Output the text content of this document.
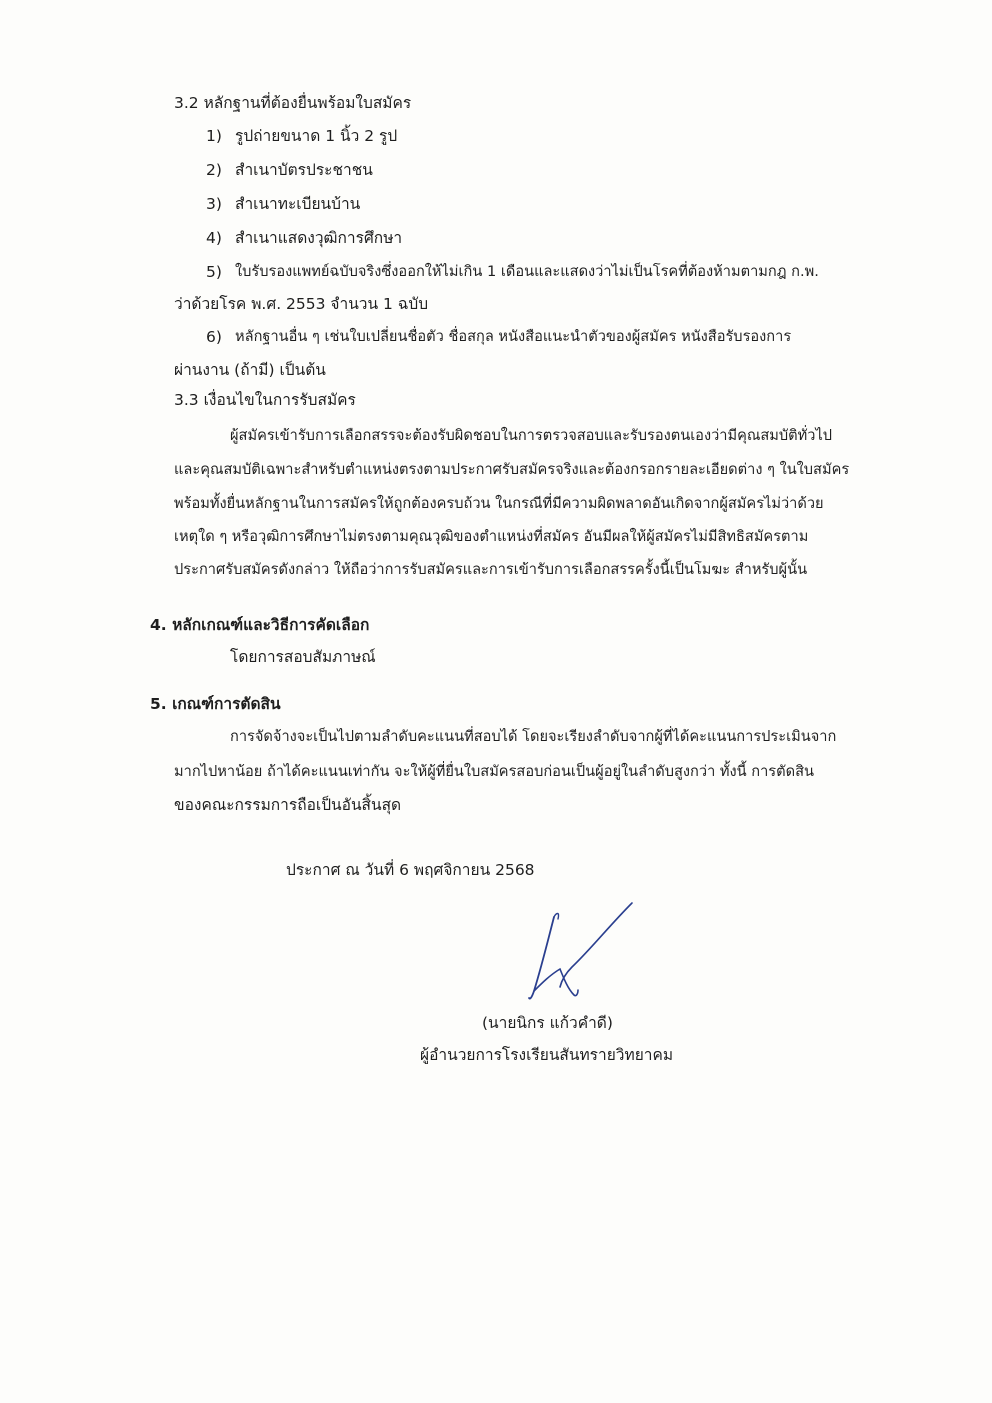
3.2 หลักฐานที่ต้องยื่นพร้อมใบสมัคร

1) รูปถ่ายขนาด 1 นิ้ว 2 รูป

2) สำเนาบัตรประชาชน

3) สำเนาทะเบียนบ้าน

4) สำเนาแสดงวุฒิการศึกษา

5) ใบรับรองแพทย์ฉบับจริงซึ่งออกให้ไม่เกิน 1 เดือนและแสดงว่าไม่เป็นโรคที่ต้องห้ามตามกฎ ก.พ.

ว่าด้วยโรค พ.ศ. 2553 จำนวน 1 ฉบับ

6) หลักฐานอื่น ๆ เช่นใบเปลี่ยนชื่อตัว ชื่อสกุล หนังสือแนะนำตัวของผู้สมัคร หนังสือรับรองการ

ผ่านงาน (ถ้ามี) เป็นต้น

3.3 เงื่อนไขในการรับสมัคร

ผู้สมัครเข้ารับการเลือกสรรจะต้องรับผิดชอบในการตรวจสอบและรับรองตนเองว่ามีคุณสมบัติทั่วไป

และคุณสมบัติเฉพาะสำหรับตำแหน่งตรงตามประกาศรับสมัครจริงและต้องกรอกรายละเอียดต่าง ๆ ในใบสมัคร

พร้อมทั้งยื่นหลักฐานในการสมัครให้ถูกต้องครบถ้วน ในกรณีที่มีความผิดพลาดอันเกิดจากผู้สมัครไม่ว่าด้วย

เหตุใด ๆ หรือวุฒิการศึกษาไม่ตรงตามคุณวุฒิของตำแหน่งที่สมัคร อันมีผลให้ผู้สมัครไม่มีสิทธิสมัครตาม

ประกาศรับสมัครดังกล่าว ให้ถือว่าการรับสมัครและการเข้ารับการเลือกสรรครั้งนี้เป็นโมฆะ สำหรับผู้นั้น

4. หลักเกณฑ์และวิธีการคัดเลือก

โดยการสอบสัมภาษณ์

5. เกณฑ์การตัดสิน

การจัดจ้างจะเป็นไปตามลำดับคะแนนที่สอบได้ โดยจะเรียงลำดับจากผู้ที่ได้คะแนนการประเมินจาก

มากไปหาน้อย ถ้าได้คะแนนเท่ากัน จะให้ผู้ที่ยื่นใบสมัครสอบก่อนเป็นผู้อยู่ในลำดับสูงกว่า ทั้งนี้ การตัดสิน

ของคณะกรรมการถือเป็นอันสิ้นสุด

ประกาศ ณ วันที่ 6 พฤศจิกายน 2568

(นายนิกร แก้วคำดี)

ผู้อำนวยการโรงเรียนสันทรายวิทยาคม
